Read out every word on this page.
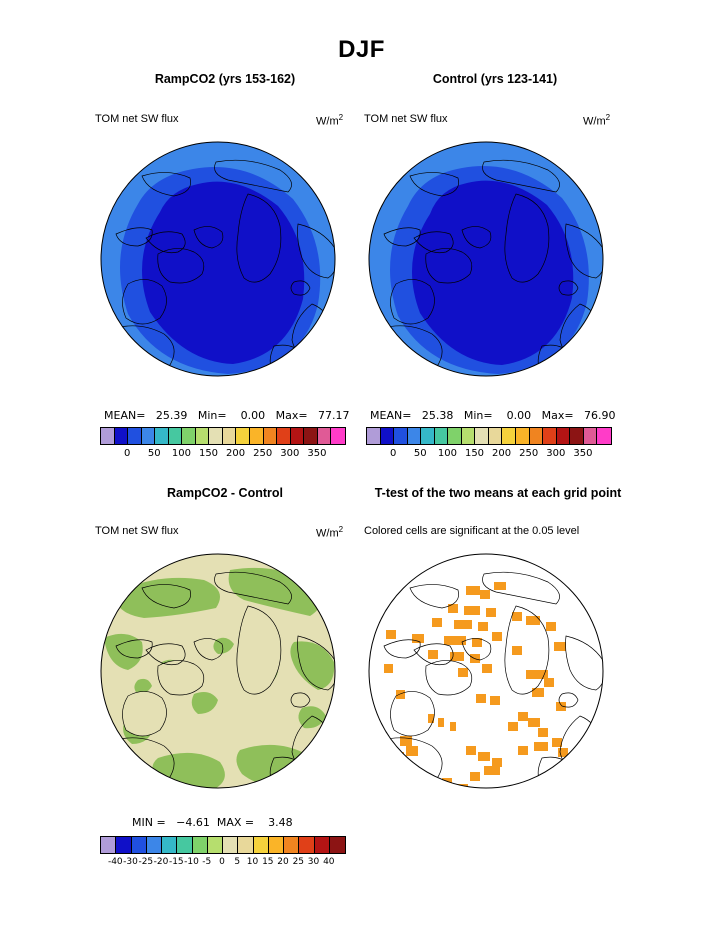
DJF
RampCO2 (yrs 153-162)
TOM net SW flux	$W/m^2$
MEAN=   25.39   Min=    0.00   Max=   77.17
0 50 100 150 200 250 300 350
Control (yrs 123-141)
TOM net SW flux	$W/m^2$
MEAN=   25.38   Min=    0.00   Max=   76.90
0 50 100 150 200 250 300 350
RampCO2 - Control
TOM net SW flux	$W/m^2$
MIN =   −4.61  MAX =    3.48
-40 -30 -25 -20 -15 -10 -5 0 5 10 15 20 25 30 40
T-test of the two means at each grid point
Colored cells are significant at the 0.05 level
